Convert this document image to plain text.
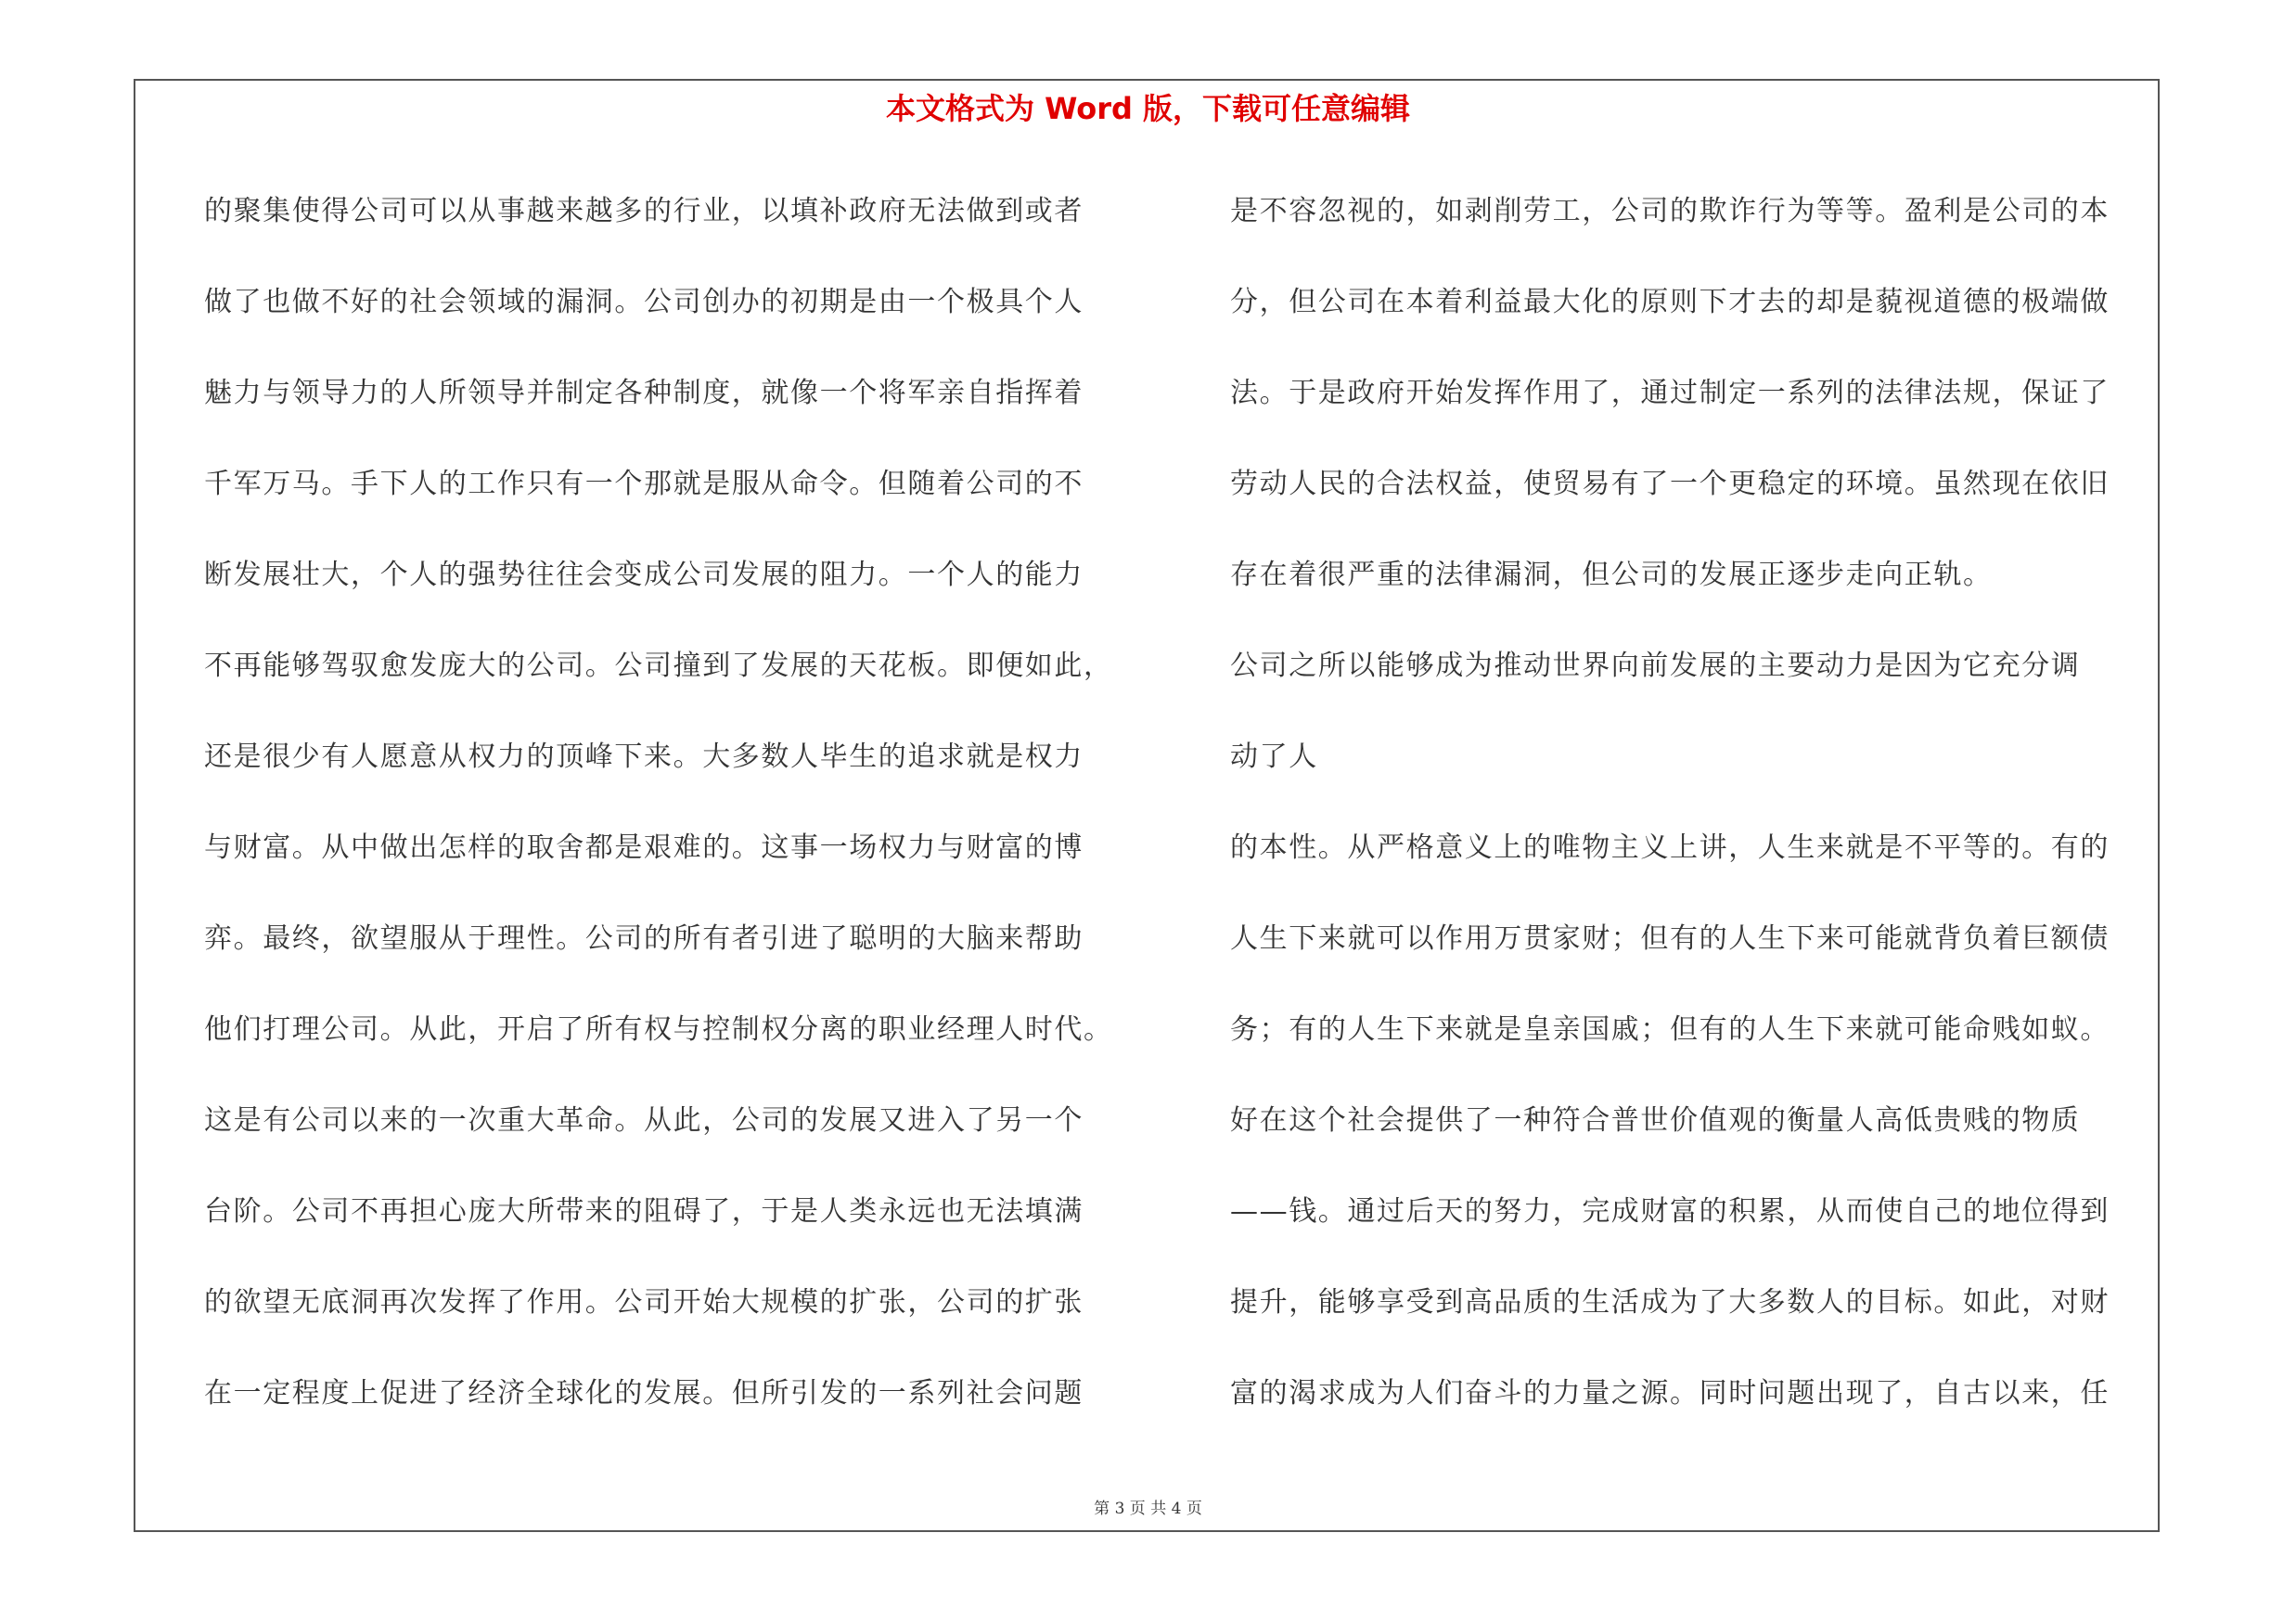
本文格式为 Word 版，下载可任意编辑
的聚集使得公司可以从事越来越多的行业，以填补政府无法做到或者
做了也做不好的社会领域的漏洞。公司创办的初期是由一个极具个人
魅力与领导力的人所领导并制定各种制度，就像一个将军亲自指挥着
千军万马。手下人的工作只有一个那就是服从命令。但随着公司的不
断发展壮大，个人的强势往往会变成公司发展的阻力。一个人的能力
不再能够驾驭愈发庞大的公司。公司撞到了发展的天花板。即便如此，
还是很少有人愿意从权力的顶峰下来。大多数人毕生的追求就是权力
与财富。从中做出怎样的取舍都是艰难的。这事一场权力与财富的博
弈。最终，欲望服从于理性。公司的所有者引进了聪明的大脑来帮助
他们打理公司。从此，开启了所有权与控制权分离的职业经理人时代。
这是有公司以来的一次重大革命。从此，公司的发展又进入了另一个
台阶。公司不再担心庞大所带来的阻碍了，于是人类永远也无法填满
的欲望无底洞再次发挥了作用。公司开始大规模的扩张，公司的扩张
在一定程度上促进了经济全球化的发展。但所引发的一系列社会问题
是不容忽视的，如剥削劳工，公司的欺诈行为等等。盈利是公司的本
分，但公司在本着利益最大化的原则下才去的却是藐视道德的极端做
法。于是政府开始发挥作用了，通过制定一系列的法律法规，保证了
劳动人民的合法权益，使贸易有了一个更稳定的环境。虽然现在依旧
存在着很严重的法律漏洞，但公司的发展正逐步走向正轨。
公司之所以能够成为推动世界向前发展的主要动力是因为它充分调
动了人
的本性。从严格意义上的唯物主义上讲，人生来就是不平等的。有的
人生下来就可以作用万贯家财；但有的人生下来可能就背负着巨额债
务；有的人生下来就是皇亲国戚；但有的人生下来就可能命贱如蚁。
好在这个社会提供了一种符合普世价值观的衡量人高低贵贱的物质
——钱。通过后天的努力，完成财富的积累，从而使自己的地位得到
提升，能够享受到高品质的生活成为了大多数人的目标。如此，对财
富的渴求成为人们奋斗的力量之源。同时问题出现了，自古以来，任
第 3 页 共 4 页
